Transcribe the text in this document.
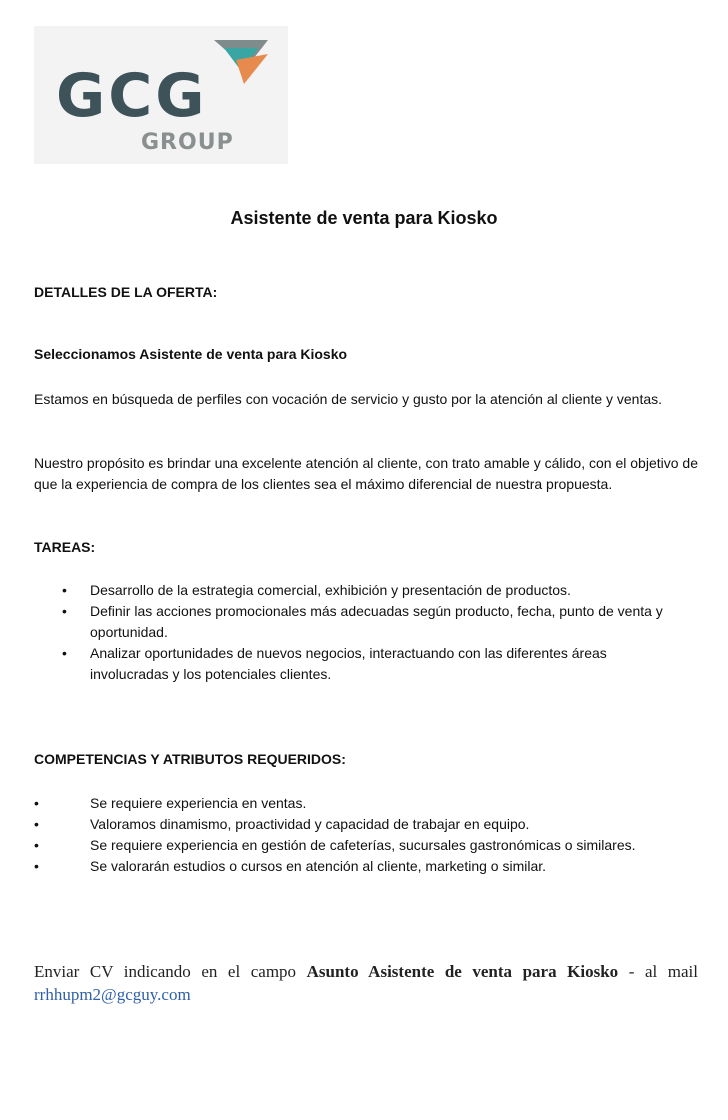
GCG
GROUP
Asistente de venta para Kiosko
DETALLES DE LA OFERTA:
Seleccionamos Asistente de venta para Kiosko

Estamos en búsqueda de perfiles con vocación de servicio y gusto por la atención al cliente y ventas.

Nuestro propósito es brindar una excelente atención al cliente, con trato amable y cálido, con el objetivo de que la experiencia de compra de los clientes sea el máximo diferencial de nuestra propuesta.

TAREAS:
•	Desarrollo de la estrategia comercial, exhibición y presentación de productos.
•	Definir las acciones promocionales más adecuadas según producto, fecha, punto de venta y oportunidad.
•	Analizar oportunidades de nuevos negocios, interactuando con las diferentes áreas involucradas y los potenciales clientes.
COMPETENCIAS Y ATRIBUTOS REQUERIDOS:
•	Se requiere experiencia en ventas.
•	Valoramos dinamismo, proactividad y capacidad de trabajar en equipo.
•	Se requiere experiencia en gestión de cafeterías, sucursales gastronómicas o similares.
•	Se valorarán estudios o cursos en atención al cliente, marketing o similar.

Enviar CV indicando en el campo Asunto Asistente de venta para Kiosko - al mail rrhhupm2@gcguy.com
